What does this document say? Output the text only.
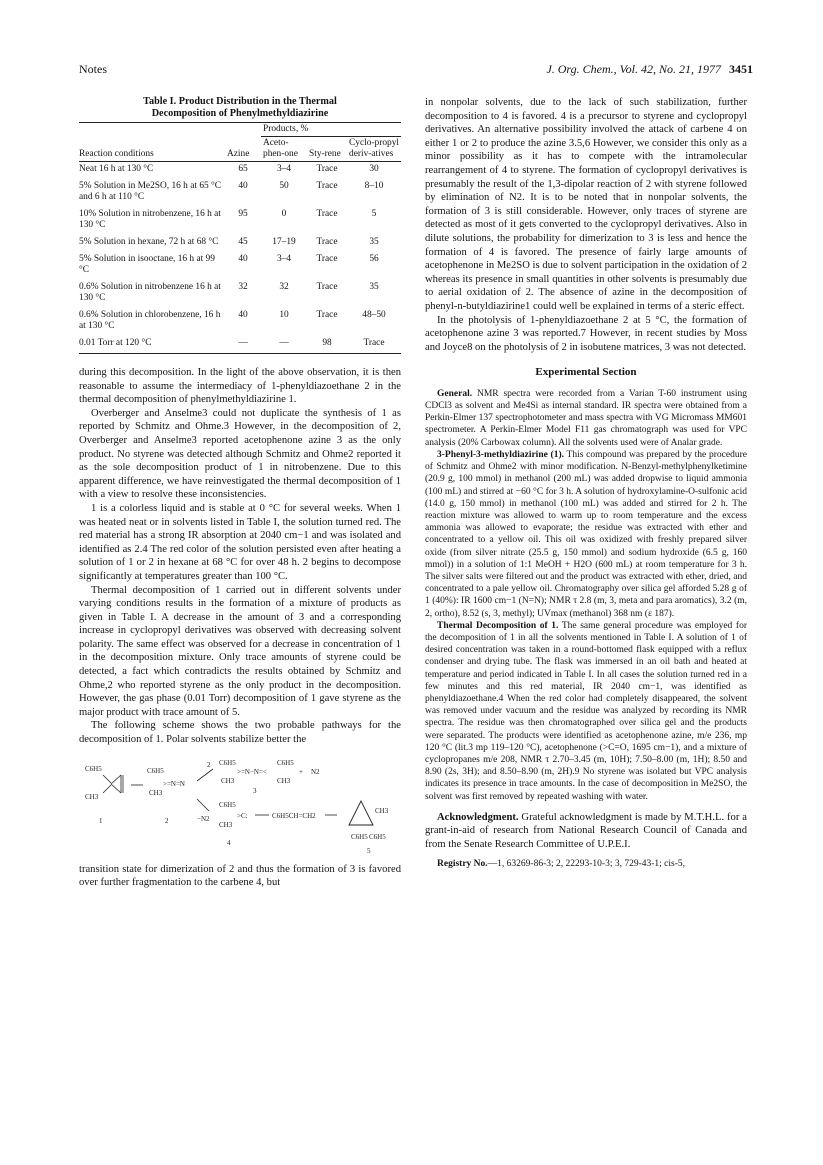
Notes	J. Org. Chem., Vol. 42, No. 21, 1977 3451
Table I. Product Distribution in the Thermal
Decomposition of Phenylmethyldiazirine
		Products, %		
Reaction conditions	Azine	Aceto-phen-one	Sty-rene	Cyclo-propyl deriv-atives
Neat 16 h at 130 °C	65	3–4	Trace	30
5% Solution in Me2SO, 16 h at 65 °C and 6 h at 110 °C	40	50	Trace	8–10
10% Solution in nitrobenzene, 16 h at 130 °C	95	0	Trace	5
5% Solution in hexane, 72 h at 68 °C	45	17–19	Trace	35
5% Solution in isooctane, 16 h at 99 °C	40	3–4	Trace	56
0.6% Solution in nitrobenzene 16 h at 130 °C	32	32	Trace	35
0.6% Solution in chlorobenzene, 16 h at 130 °C	40	10	Trace	48–50
0.01 Torr at 120 °C	—	—	98	Trace

during this decomposition. In the light of the above observation, it is then reasonable to assume the intermediacy of 1-phenyldiazoethane 2 in the thermal decomposition of phenylmethyldiazirine 1.

Overberger and Anselme3 could not duplicate the synthesis of 1 as reported by Schmitz and Ohme.3 However, in the decomposition of 2, Overberger and Anselme3 reported acetophenone azine 3 as the only product. No styrene was detected although Schmitz and Ohme2 reported it as the sole decomposition product of 1 in nitrobenzene. Due to this apparent difference, we have reinvestigated the thermal decomposition of 1 with a view to resolve these inconsistencies.

1 is a colorless liquid and is stable at 0 °C for several weeks. When 1 was heated neat or in solvents listed in Table I, the solution turned red. The red material has a strong IR absorption at 2040 cm−1 and was isolated and identified as 2.4 The red color of the solution persisted even after heating a solution of 1 or 2 in hexane at 68 °C for over 48 h. 2 begins to decompose significantly at temperatures greater than 100 °C.

Thermal decomposition of 1 carried out in different solvents under varying conditions results in the formation of a mixture of products as given in Table I. A decrease in the amount of 3 and a corresponding increase in cyclopropyl derivatives was observed with decreasing solvent polarity. The same effect was observed for a decrease in concentration of 1 in the decomposition mixture. Only trace amounts of styrene could be detected, a fact which contradicts the results obtained by Schmitz and Ohme,2 who reported styrene as the only product in the decomposition. However, the gas phase (0.01 Torr) decomposition of 1 gave styrene as the major product with trace amount of 5.

The following scheme shows the two probable pathways for the decomposition of 1. Polar solvents stabilize better the

C6H5
CH3
1
C6H5
CH3
>=N=N
2
2 C6H5
CH3
>=N−N=<
C6H5
CH3
+ N2
3
−N2
C6H5
CH3
>C:
4
C6H5CH=CH2
CH3
C6H5 C6H5
5

transition state for dimerization of 2 and thus the formation of 3 is favored over further fragmentation to the carbene 4, but

in nonpolar solvents, due to the lack of such stabilization, further decomposition to 4 is favored. 4 is a precursor to styrene and cyclopropyl derivatives. An alternative possibility involved the attack of carbene 4 on either 1 or 2 to produce the azine 3.5,6 However, we consider this only as a minor possibility as it has to compete with the intramolecular rearrangement of 4 to styrene. The formation of cyclopropyl derivatives is presumably the result of the 1,3-dipolar reaction of 2 with styrene followed by elimination of N2. It is to be noted that in nonpolar solvents, the formation of 3 is still considerable. However, only traces of styrene are detected as most of it gets converted to the cyclopropyl derivatives. Also in dilute solutions, the probability for dimerization to 3 is less and hence the formation of 4 is favored. The presence of fairly large amounts of acetophenone in Me2SO is due to solvent participation in the oxidation of 2 whereas its presence in small quantities in other solvents is presumably due to aerial oxidation of 2. The absence of azine in the decomposition of phenyl-n-butyldiazirine1 could well be explained in terms of a steric effect.

In the photolysis of 1-phenyldiazoethane 2 at 5 °C, the formation of acetophenone azine 3 was reported.7 However, in recent studies by Moss and Joyce8 on the photolysis of 2 in isobutene matrices, 3 was not detected.

Experimental Section

General. NMR spectra were recorded from a Varian T-60 instrument using CDCl3 as solvent and Me4Si as internal standard. IR spectra were obtained from a Perkin-Elmer 137 spectrophotometer and mass spectra with VG Micromass MM601 spectrometer. A Perkin-Elmer Model F11 gas chromatograph was used for VPC analysis (20% Carbowax column). All the solvents used were of Analar grade.

3-Phenyl-3-methyldiazirine (1). This compound was prepared by the procedure of Schmitz and Ohme2 with minor modification. N-Benzyl-methylphenylketimine (20.9 g, 100 mmol) in methanol (200 mL) was added dropwise to liquid ammonia (100 mL) and stirred at −60 °C for 3 h. A solution of hydroxylamine-O-sulfonic acid (14.0 g, 150 mmol) in methanol (100 mL) was added and stirred for 2 h. The reaction mixture was allowed to warm up to room temperature and the excess ammonia was allowed to evaporate; the residue was extracted with ether and concentrated to a yellow oil. This oil was oxidized with freshly prepared silver oxide (from silver nitrate (25.5 g, 150 mmol) and sodium hydroxide (6.5 g, 160 mmol)) in a solution of 1:1 MeOH + H2O (600 mL) at room temperature for 3 h. The silver salts were filtered out and the product was extracted with ether, dried, and concentrated to a pale yellow oil. Chromatography over silica gel afforded 5.28 g of 1 (40%): IR 1600 cm−1 (N=N); NMR τ 2.8 (m, 3, meta and para aromatics), 3.2 (m, 2, ortho), 8.52 (s, 3, methyl); UVmax (methanol) 368 nm (ε 187).

Thermal Decomposition of 1. The same general procedure was employed for the decomposition of 1 in all the solvents mentioned in Table I. A solution of 1 of desired concentration was taken in a round-bottomed flask equipped with a reflux condenser and drying tube. The flask was immersed in an oil bath and heated at temperature and period indicated in Table I. In all cases the solution turned red in a few minutes and this red material, IR 2040 cm−1, was identified as phenyldiazoethane.4 When the red color had completely disappeared, the solvent was removed under vacuum and the residue was analyzed by recording its NMR spectra. The residue was then chromatographed over silica gel and the products were separated. The products were identified as acetophenone azine, m/e 236, mp 120 °C (lit.3 mp 119–120 °C), acetophenone (>C=O, 1695 cm−1), and a mixture of cyclopropanes m/e 208, NMR τ 2.70–3.45 (m, 10H); 7.50–8.00 (m, 1H); 8.50 and 8.90 (2s, 3H); and 8.50–8.90 (m, 2H).9 No styrene was isolated but VPC analysis indicates its presence in trace amounts. In the case of decomposition in Me2SO, the solvent was first removed by repeated washing with water.

Acknowledgment. Grateful acknowledgment is made by M.T.H.L. for a grant-in-aid of research from National Research Council of Canada and from the Senate Research Committee of U.P.E.I.

Registry No.—1, 63269-86-3; 2, 22293-10-3; 3, 729-43-1; cis-5,
